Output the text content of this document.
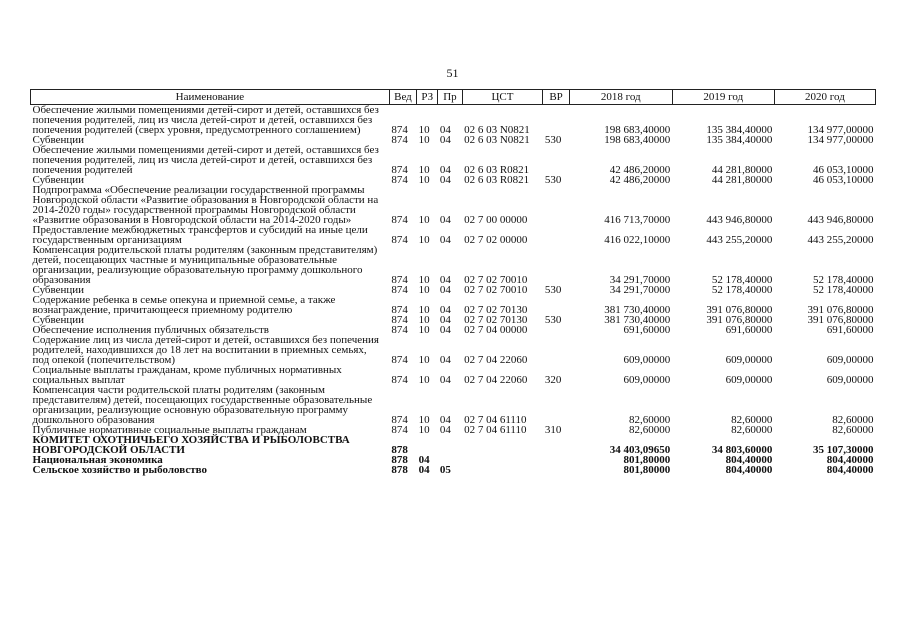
51
Наименование	Вед	РЗ	Пр	ЦСТ	ВР	2018 год	2019 год	2020 год
Обеспечение жилыми помещениями детей-сирот и детей, оставшихся без попечения родителей, лиц из числа детей-сирот и детей, оставшихся без попечения родителей (сверх уровня, предусмотренного соглашением)	874	10	04	02 6 03 N0821		198 683,40000	135 384,40000	134 977,00000
Субвенции	874	10	04	02 6 03 N0821	530	198 683,40000	135 384,40000	134 977,00000
Обеспечение жилыми помещениями детей-сирот и детей, оставшихся без попечения родителей, лиц из числа детей-сирот и детей, оставшихся без попечения родителей	874	10	04	02 6 03 R0821		42 486,20000	44 281,80000	46 053,10000
Субвенции	874	10	04	02 6 03 R0821	530	42 486,20000	44 281,80000	46 053,10000
Подпрограмма «Обеспечение реализации государственной программы Новгородской области «Развитие образования в Новгородской области на 2014-2020 годы» государственной программы Новгородской области «Развитие образования в Новгородской области на 2014-2020 годы»	874	10	04	02 7 00 00000		416 713,70000	443 946,80000	443 946,80000
Предоставление межбюджетных трансфертов и субсидий на иные цели государственным организациям	874	10	04	02 7 02 00000		416 022,10000	443 255,20000	443 255,20000
Компенсация родительской платы родителям (законным представителям) детей, посещающих частные и муниципальные образовательные организации, реализующие образовательную программу дошкольного образования	874	10	04	02 7 02 70010		34 291,70000	52 178,40000	52 178,40000
Субвенции	874	10	04	02 7 02 70010	530	34 291,70000	52 178,40000	52 178,40000
Содержание ребенка в семье опекуна и приемной семье, а также вознаграждение, причитающееся приемному родителю	874	10	04	02 7 02 70130		381 730,40000	391 076,80000	391 076,80000
Субвенции	874	10	04	02 7 02 70130	530	381 730,40000	391 076,80000	391 076,80000
Обеспечение исполнения публичных обязательств	874	10	04	02 7 04 00000		691,60000	691,60000	691,60000
Содержание лиц из числа детей-сирот и детей, оставшихся без попечения родителей, находившихся до 18 лет на воспитании в приемных семьях, под опекой (попечительством)	874	10	04	02 7 04 22060		609,00000	609,00000	609,00000
Социальные выплаты гражданам, кроме публичных нормативных социальных выплат	874	10	04	02 7 04 22060	320	609,00000	609,00000	609,00000
Компенсация части родительской платы родителям (законным представителям) детей, посещающих государственные образовательные организации, реализующие основную образовательную программу дошкольного образования	874	10	04	02 7 04 61110		82,60000	82,60000	82,60000
Публичные нормативные социальные выплаты гражданам	874	10	04	02 7 04 61110	310	82,60000	82,60000	82,60000
КОМИТЕТ ОХОТНИЧЬЕГО ХОЗЯЙСТВА И РЫБОЛОВСТВА НОВГОРОДСКОЙ ОБЛАСТИ	878					34 403,09650	34 803,60000	35 107,30000
Национальная экономика	878	04				801,80000	804,40000	804,40000
Сельское хозяйство и рыболовство	878	04	05			801,80000	804,40000	804,40000
